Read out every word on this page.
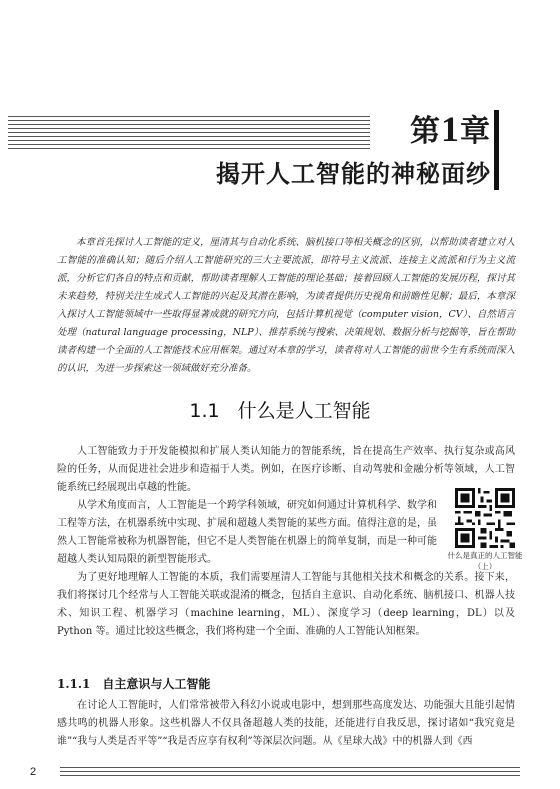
第1章
揭开人工智能的神秘面纱

本章首先探讨人工智能的定义，厘清其与自动化系统、脑机接口等相关概念的区别，以帮助读者建立对人工智能的准确认知；随后介绍人工智能研究的三大主要流派，即符号主义流派、连接主义流派和行为主义流派，分析它们各自的特点和贡献，帮助读者理解人工智能的理论基础；接着回顾人工智能的发展历程，探讨其未来趋势，特别关注生成式人工智能的兴起及其潜在影响，为读者提供历史视角和前瞻性见解；最后，本章深入探讨人工智能领域中一些取得显著成就的研究方向，包括计算机视觉（computer vision，CV）、自然语言处理（natural language processing，NLP）、推荐系统与搜索、决策规划、数据分析与挖掘等，旨在帮助读者构建一个全面的人工智能技术应用框架。通过对本章的学习，读者将对人工智能的前世今生有系统而深入的认识，为进一步探索这一领域做好充分准备。

1.1 什么是人工智能

人工智能致力于开发能模拟和扩展人类认知能力的智能系统，旨在提高生产效率、执行复杂或高风险的任务，从而促进社会进步和造福于人类。例如，在医疗诊断、自动驾驶和金融分析等领域，人工智能系统已经展现出卓越的性能。

从学术角度而言，人工智能是一个跨学科领域，研究如何通过计算机科学、数学和工程等方法，在机器系统中实现、扩展和超越人类智能的某些方面。值得注意的是，虽然人工智能常被称为机器智能，但它不是人类智能在机器上的简单复制，而是一种可能超越人类认知局限的新型智能形式。	什么是真正的人工智能（上）

为了更好地理解人工智能的本质，我们需要厘清人工智能与其他相关技术和概念的关系。接下来，我们将探讨几个经常与人工智能关联或混淆的概念，包括自主意识、自动化系统、脑机接口、机器人技术、知识工程、机器学习（machine learning，ML）、深度学习（deep learning，DL）以及 Python 等。通过比较这些概念，我们将构建一个全面、准确的人工智能认知框架。

1.1.1 自主意识与人工智能

在讨论人工智能时，人们常常被带入科幻小说或电影中，想到那些高度发达、功能强大且能引起情感共鸣的机器人形象。这些机器人不仅具备超越人类的技能，还能进行自我反思，探讨诸如“我究竟是谁”“我与人类是否平等”“我是否应享有权利”等深层次问题。从《星球大战》中的机器人到《西

2
